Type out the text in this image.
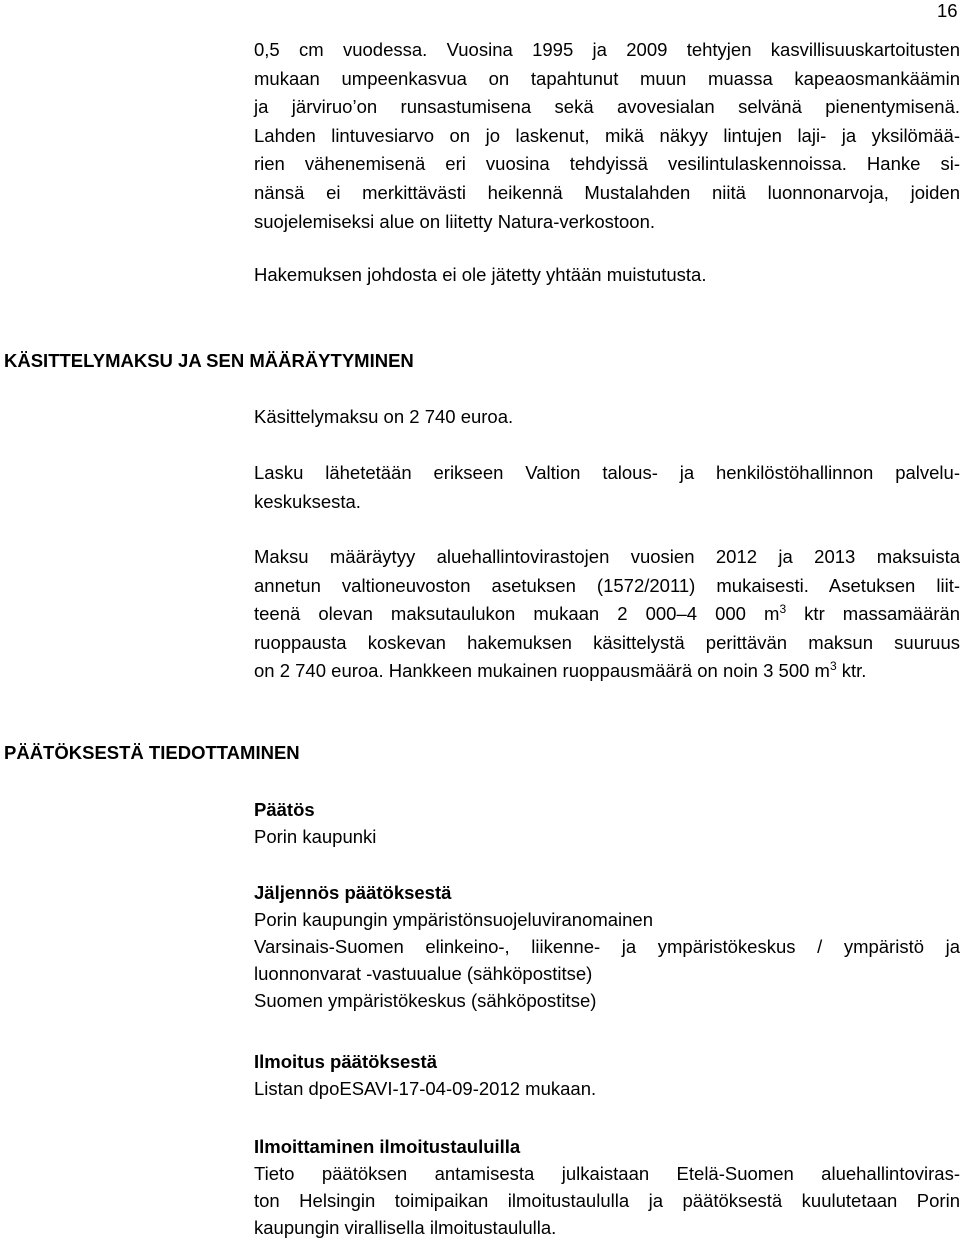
16

0,5 cm vuodessa. Vuosina 1995 ja 2009 tehtyjen kasvillisuuskartoitusten

mukaan umpeenkasvua on tapahtunut muun muassa kapeaosmankäämin

ja järviruo’on runsastumisena sekä avovesialan selvänä pienentymisenä.

Lahden lintuvesiarvo on jo laskenut, mikä näkyy lintujen laji- ja yksilömää-

rien vähenemisenä eri vuosina tehdyissä vesilintulaskennoissa. Hanke si-

nänsä ei merkittävästi heikennä Mustalahden niitä luonnonarvoja, joiden

suojelemiseksi alue on liitetty Natura-verkostoon.

Hakemuksen johdosta ei ole jätetty yhtään muistutusta.

KÄSITTELYMAKSU JA SEN MÄÄRÄYTYMINEN

Käsittelymaksu on 2 740 euroa.

Lasku lähetetään erikseen Valtion talous- ja henkilöstöhallinnon palvelu-

keskuksesta.

Maksu määräytyy aluehallintovirastojen vuosien 2012 ja 2013 maksuista

annetun valtioneuvoston asetuksen (1572/2011) mukaisesti. Asetuksen liit-

teenä olevan maksutaulukon mukaan 2 000–4 000 $m^3$ ktr massamäärän

ruoppausta koskevan hakemuksen käsittelystä perittävän maksun suuruus

on 2 740 euroa. Hankkeen mukainen ruoppausmäärä on noin 3 500 $m^3$ ktr.

PÄÄTÖKSESTÄ TIEDOTTAMINEN

Päätös

Porin kaupunki

Jäljennös päätöksestä

Porin kaupungin ympäristönsuojeluviranomainen

Varsinais-Suomen elinkeino-, liikenne- ja ympäristökeskus / ympäristö ja

luonnonvarat -vastuualue (sähköpostitse)

Suomen ympäristökeskus (sähköpostitse)

Ilmoitus päätöksestä

Listan dpoESAVI-17-04-09-2012 mukaan.

Ilmoittaminen ilmoitustauluilla

Tieto päätöksen antamisesta julkaistaan Etelä-Suomen aluehallintoviras-

ton Helsingin toimipaikan ilmoitustaululla ja päätöksestä kuulutetaan Porin

kaupungin virallisella ilmoitustaululla.
